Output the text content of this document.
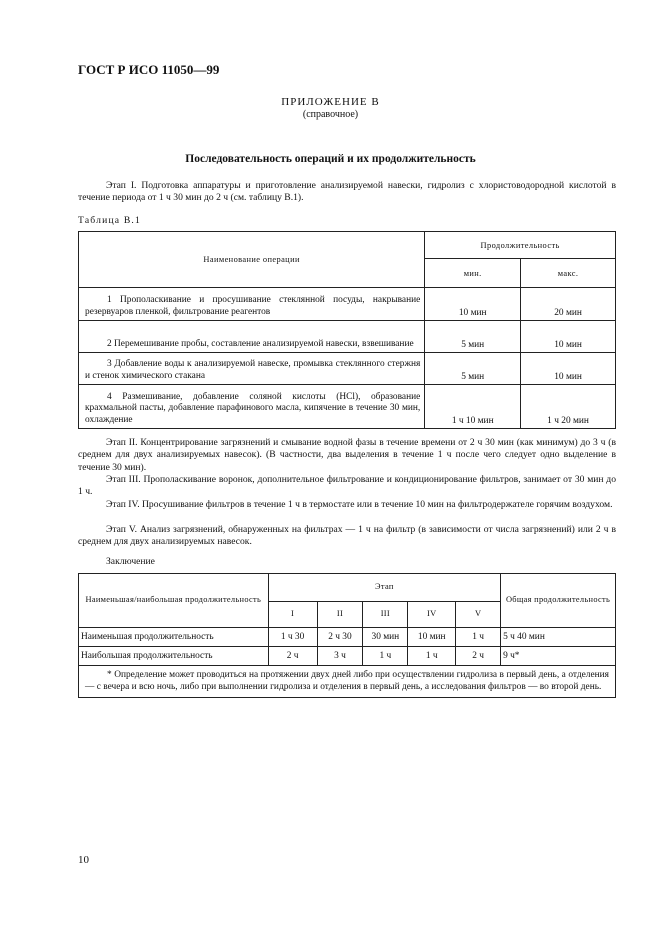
ГОСТ Р ИСО 11050—99
ПРИЛОЖЕНИЕ В
(справочное)
Последовательность операций и их продолжительность
Этап I. Подготовка аппаратуры и приготовление анализируемой навески, гидролиз с хлористоводородной кислотой в течение периода от 1 ч 30 мин до 2 ч (см. таблицу В.1).
Таблица В.1
Наименование операции	Продолжительность	
	мин.	макс.
1 Прополаскивание и просушивание стеклянной посуды, накрывание резервуаров пленкой, фильтрование реагентов	10 мин	20 мин
2 Перемешивание пробы, составление анализируемой навески, взвешивание	5 мин	10 мин
3 Добавление воды к анализируемой навеске, промывка стеклянного стержня и стенок химического стакана	5 мин	10 мин
4 Размешивание, добавление соляной кислоты (HCl), образование крахмальной пасты, добавление парафинового масла, кипячение в течение 30 мин, охлаждение	1 ч 10 мин	1 ч 20 мин
Этап II. Концентрирование загрязнений и смывание водной фазы в течение времени от 2 ч 30 мин (как минимум) до 3 ч (в среднем для двух анализируемых навесок). (В частности, два выделения в течение 1 ч после чего следует одно выделение в течение 30 мин).
Этап III. Прополаскивание воронок, дополнительное фильтрование и кондиционирование фильтров, занимает от 30 мин до 1 ч.
Этап IV. Просушивание фильтров в течение 1 ч в термостате или в течение 10 мин на фильтродержателе горячим воздухом.
Этап V. Анализ загрязнений, обнаруженных на фильтрах — 1 ч на фильтр (в зависимости от числа загрязнений) или 2 ч в среднем для двух анализируемых навесок.
Заключение
Наименьшая/наибольшая продолжительность	Этап					Общая продолжительность
	I	II	III	IV	V	
Наименьшая продолжительность	1 ч 30	2 ч 30	30 мин	10 мин	1 ч	5 ч 40 мин
Наибольшая продолжительность	2 ч	3 ч	1 ч	1 ч	2 ч	9 ч*
* Определение может проводиться на протяжении двух дней либо при осуществлении гидролиза в первый день, а отделения — с вечера и всю ночь, либо при выполнении гидролиза и отделения в первый день, а исследования фильтров — во второй день.						
10
